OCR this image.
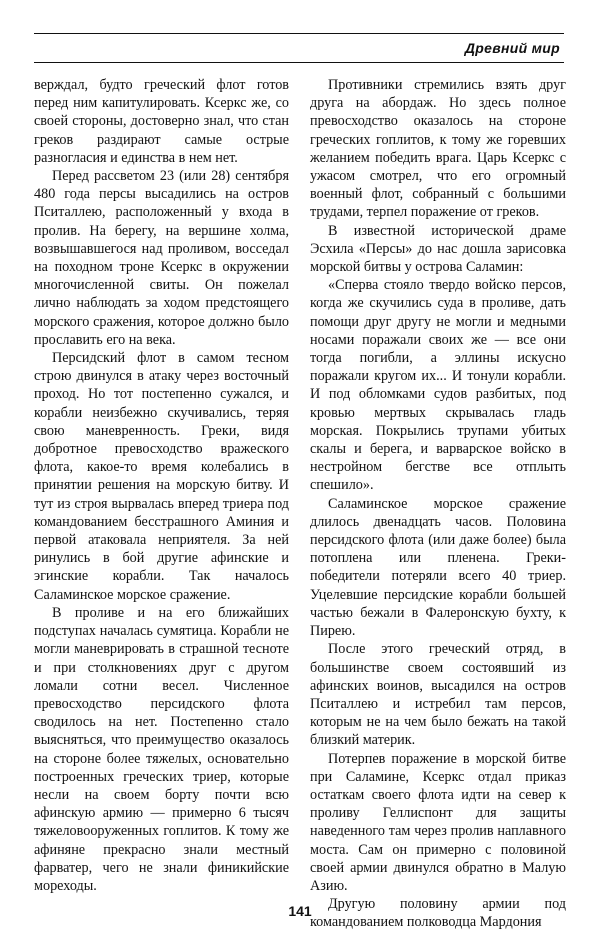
Древний мир

верждал, будто греческий флот готов перед ним капитулировать. Ксеркс же, со своей стороны, достоверно знал, что стан греков раздирают самые острые разногласия и единства в нем нет.

Перед рассветом 23 (или 28) сентября 480 года персы высадились на остров Пситаллею, расположенный у входа в пролив. На берегу, на вершине холма, возвышавшегося над проливом, восседал на походном троне Ксеркс в окружении многочисленной свиты. Он пожелал лично наблюдать за ходом предстоящего морского сражения, которое должно было прославить его на века.

Персидский флот в самом тесном строю двинулся в атаку через восточный проход. Но тот постепенно сужался, и корабли неизбежно скучивались, теряя свою маневренность. Греки, видя добротное превосходство вражеского флота, какое-то время колебались в принятии решения на морскую битву. И тут из строя вырвалась вперед триера под командованием бесстрашного Аминия и первой атаковала неприятеля. За ней ринулись в бой другие афинские и эгинские корабли. Так началось Саламинское морское сражение.

В проливе и на его ближайших подступах началась сумятица. Корабли не могли маневрировать в страшной тесноте и при столкновениях друг с другом ломали сотни весел. Численное превосходство персидского флота сводилось на нет. Постепенно стало выясняться, что преимущество оказалось на стороне более тяжелых, основательно построенных греческих триер, которые несли на своем борту почти всю афинскую армию — примерно 6 тысяч тяжеловооруженных гоплитов. К тому же афиняне прекрасно знали местный фарватер, чего не знали финикийские мореходы.

Противники стремились взять друг друга на абордаж. Но здесь полное превосходство оказалось на стороне греческих гоплитов, к тому же горевших желанием победить врага. Царь Ксеркс с ужасом смотрел, что его огромный военный флот, собранный с большими трудами, терпел поражение от греков.

В известной исторической драме Эсхила «Персы» до нас дошла зарисовка морской битвы у острова Саламин:

«Сперва стояло твердо войско персов, когда же скучились суда в проливе, дать помощи друг другу не могли и медными носами поражали своих же — все они тогда погибли, а эллины искусно поражали кругом их... И тонули корабли. И под обломками судов разбитых, под кровью мертвых скрывалась гладь морская. Покрылись трупами убитых скалы и берега, и варварское войско в нестройном бегстве все отплыть спешило».

Саламинское морское сражение длилось двенадцать часов. Половина персидского флота (или даже более) была потоплена или пленена. Греки-победители потеряли всего 40 триер. Уцелевшие персидские корабли большей частью бежали в Фалеронскую бухту, к Пирею.

После этого греческий отряд, в большинстве своем состоявший из афинских воинов, высадился на остров Пситаллею и истребил там персов, которым не на чем было бежать на такой близкий материк.

Потерпев поражение в морской битве при Саламине, Ксеркс отдал приказ остаткам своего флота идти на север к проливу Геллиспонт для защиты наведенного там через пролив наплавного моста. Сам он примерно с половиной своей армии двинулся обратно в Малую Азию.

Другую половину армии под командованием полководца Мардония

141
